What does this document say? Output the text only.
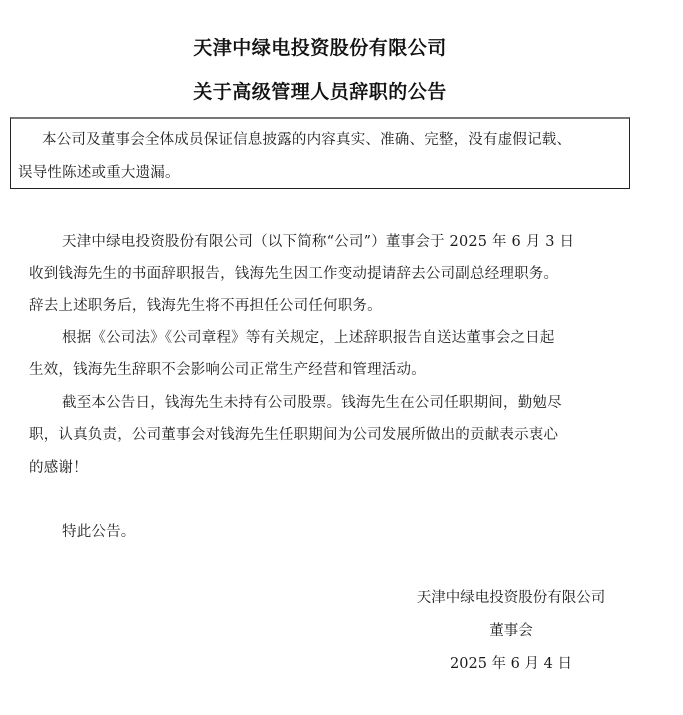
天津中绿电投资股份有限公司
关于高级管理人员辞职的公告
本公司及董事会全体成员保证信息披露的内容真实、准确、完整，没有虚假记载、
误导性陈述或重大遗漏。
天津中绿电投资股份有限公司（以下简称“公司”）董事会于 2025 年 6 月 3 日
收到钱海先生的书面辞职报告，钱海先生因工作变动提请辞去公司副总经理职务。
辞去上述职务后，钱海先生将不再担任公司任何职务。
根据《公司法》《公司章程》等有关规定，上述辞职报告自送达董事会之日起
生效，钱海先生辞职不会影响公司正常生产经营和管理活动。
截至本公告日，钱海先生未持有公司股票。钱海先生在公司任职期间，勤勉尽
职，认真负责，公司董事会对钱海先生任职期间为公司发展所做出的贡献表示衷心
的感谢！
特此公告。
天津中绿电投资股份有限公司
董事会
2025 年 6 月 4 日
